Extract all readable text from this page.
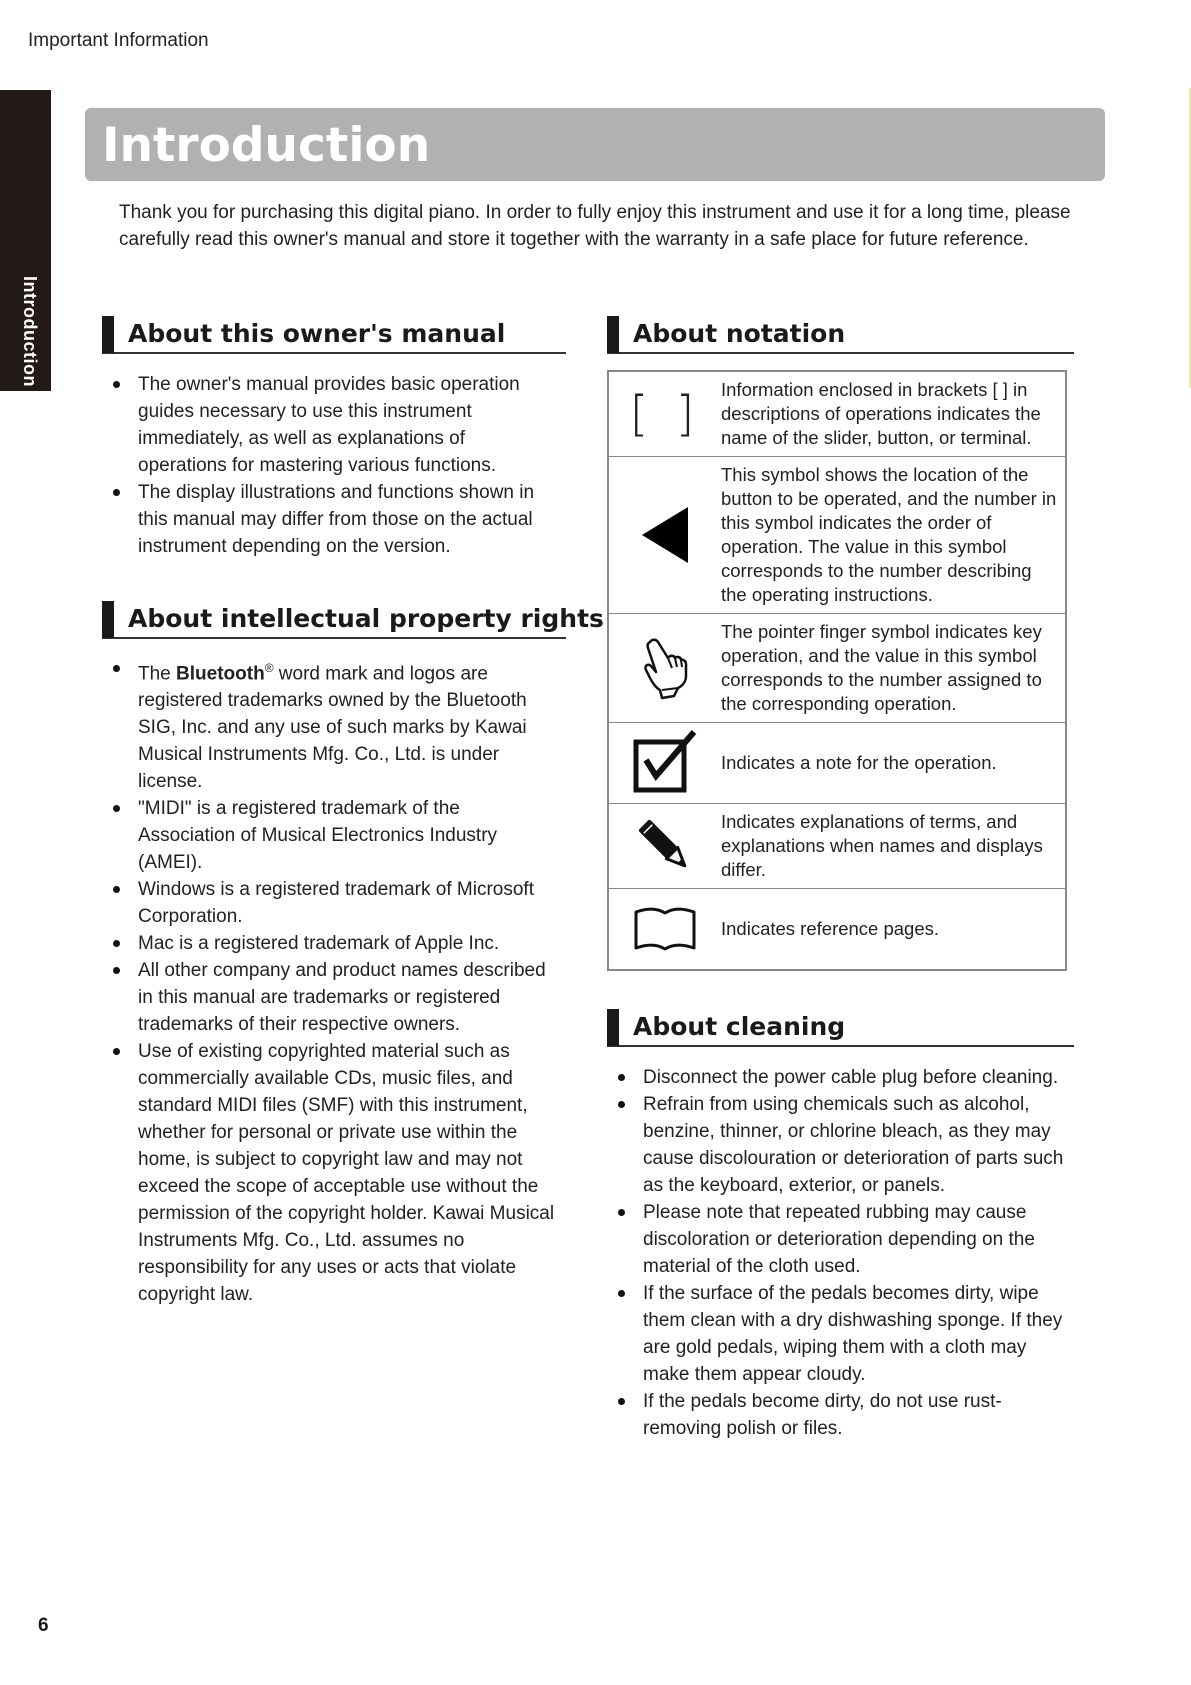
Important Information
Introduction
Introduction
Thank you for purchasing this digital piano. In order to fully enjoy this instrument and use it for a long time, please carefully read this owner's manual and store it together with the warranty in a safe place for future reference.
About this owner's manual
The owner's manual provides basic operation guides necessary to use this instrument immediately, as well as explanations of operations for mastering various functions.
The display illustrations and functions shown in this manual may differ from those on the actual instrument depending on the version.
About intellectual property rights
The Bluetooth® word mark and logos are registered trademarks owned by the Bluetooth SIG, Inc. and any use of such marks by Kawai Musical Instruments Mfg. Co., Ltd. is under license.
"MIDI" is a registered trademark of the Association of Musical Electronics Industry (AMEI).
Windows is a registered trademark of Microsoft Corporation.
Mac is a registered trademark of Apple Inc.
All other company and product names described in this manual are trademarks or registered trademarks of their respective owners.
Use of existing copyrighted material such as commercially available CDs, music files, and standard MIDI files (SMF) with this instrument, whether for personal or private use within the home, is subject to copyright law and may not exceed the scope of acceptable use without the permission of the copyright holder. Kawai Musical Instruments Mfg. Co., Ltd. assumes no responsibility for any uses or acts that violate copyright law.
About notation
[ ] Information enclosed in brackets [ ] in descriptions of operations indicates the name of the slider, button, or terminal.
This symbol shows the location of the button to be operated, and the number in this symbol indicates the order of operation. The value in this symbol corresponds to the number describing the operating instructions.
The pointer finger symbol indicates key operation, and the value in this symbol corresponds to the number assigned to the corresponding operation.
Indicates a note for the operation.
Indicates explanations of terms, and explanations when names and displays differ.
Indicates reference pages.
About cleaning
Disconnect the power cable plug before cleaning.
Refrain from using chemicals such as alcohol, benzine, thinner, or chlorine bleach, as they may cause discolouration or deterioration of parts such as the keyboard, exterior, or panels.
Please note that repeated rubbing may cause discoloration or deterioration depending on the material of the cloth used.
If the surface of the pedals becomes dirty, wipe them clean with a dry dishwashing sponge. If they are gold pedals, wiping them with a cloth may make them appear cloudy.
If the pedals become dirty, do not use rust-removing polish or files.
6
